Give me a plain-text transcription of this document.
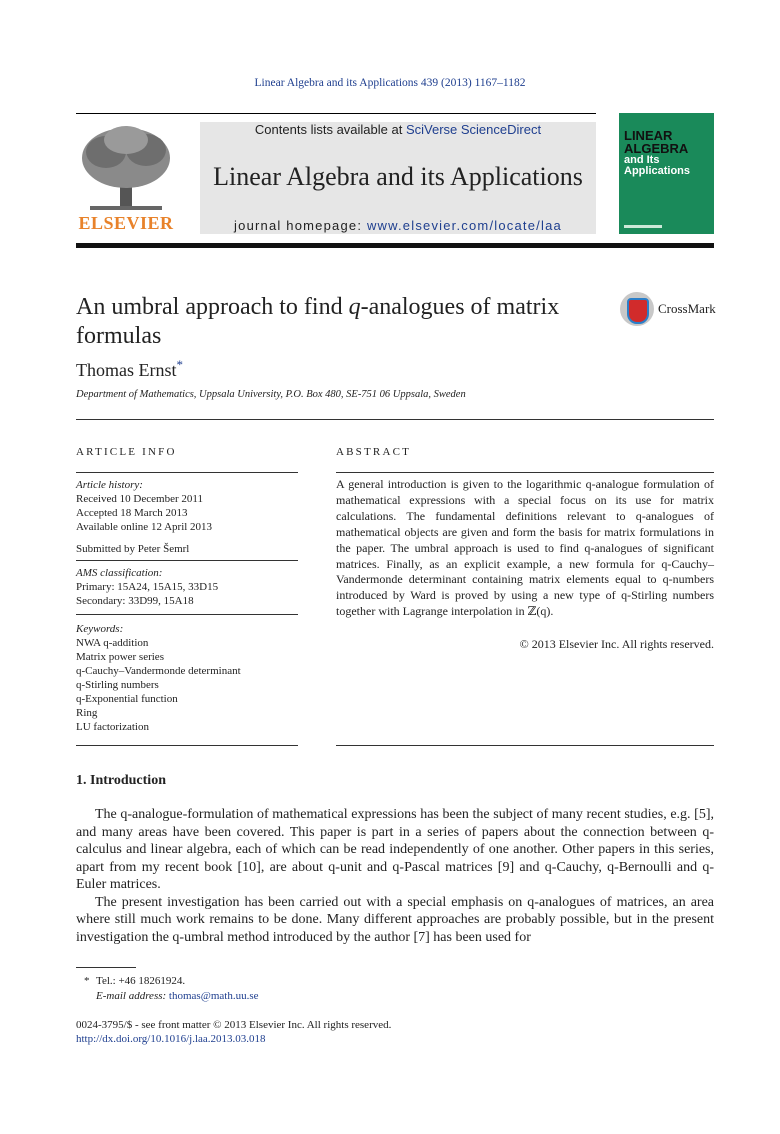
Linear Algebra and its Applications 439 (2013) 1167–1182
ELSEVIER
Contents lists available at SciVerse ScienceDirect
Linear Algebra and its Applications
journal homepage: www.elsevier.com/locate/laa
LINEAR
ALGEBRA
and Its
Applications
An umbral approach to find q-analogues of matrix formulas
CrossMark
Thomas Ernst*
Department of Mathematics, Uppsala University, P.O. Box 480, SE-751 06 Uppsala, Sweden
ARTICLE INFO
Article history:
Received 10 December 2011
Accepted 18 March 2013
Available online 12 April 2013
Submitted by Peter Šemrl
AMS classification:
Primary: 15A24, 15A15, 33D15
Secondary: 33D99, 15A18
Keywords:
NWA q-addition
Matrix power series
q-Cauchy–Vandermonde determinant
q-Stirling numbers
q-Exponential function
Ring
LU factorization
ABSTRACT
A general introduction is given to the logarithmic q-analogue formulation of mathematical expressions with a special focus on its use for matrix calculations. The fundamental definitions relevant to q-analogues of mathematical objects are given and form the basis for matrix formulations in the paper. The umbral approach is used to find q-analogues of significant matrices. Finally, as an explicit example, a new formula for q-Cauchy–Vandermonde determinant containing matrix elements equal to q-numbers introduced by Ward is proved by using a new type of q-Stirling numbers together with Lagrange interpolation in ℤ(q).
© 2013 Elsevier Inc. All rights reserved.
1. Introduction

The q-analogue-formulation of mathematical expressions has been the subject of many recent studies, e.g. [5], and many areas have been covered. This paper is part in a series of papers about the connection between q-calculus and linear algebra, each of which can be read independently of one another. Other papers in this series, apart from my recent book [10], are about q-unit and q-Pascal matrices [9] and q-Cauchy, q-Bernoulli and q-Euler matrices.

The present investigation has been carried out with a special emphasis on q-analogues of matrices, an area where still much work remains to be done. Many different approaches are probably possible, but in the present investigation the q-umbral method introduced by the author [7] has been used for

* Tel.: +46 18261924.
E-mail address: thomas@math.uu.se
0024-3795/$ - see front matter © 2013 Elsevier Inc. All rights reserved.
http://dx.doi.org/10.1016/j.laa.2013.03.018
